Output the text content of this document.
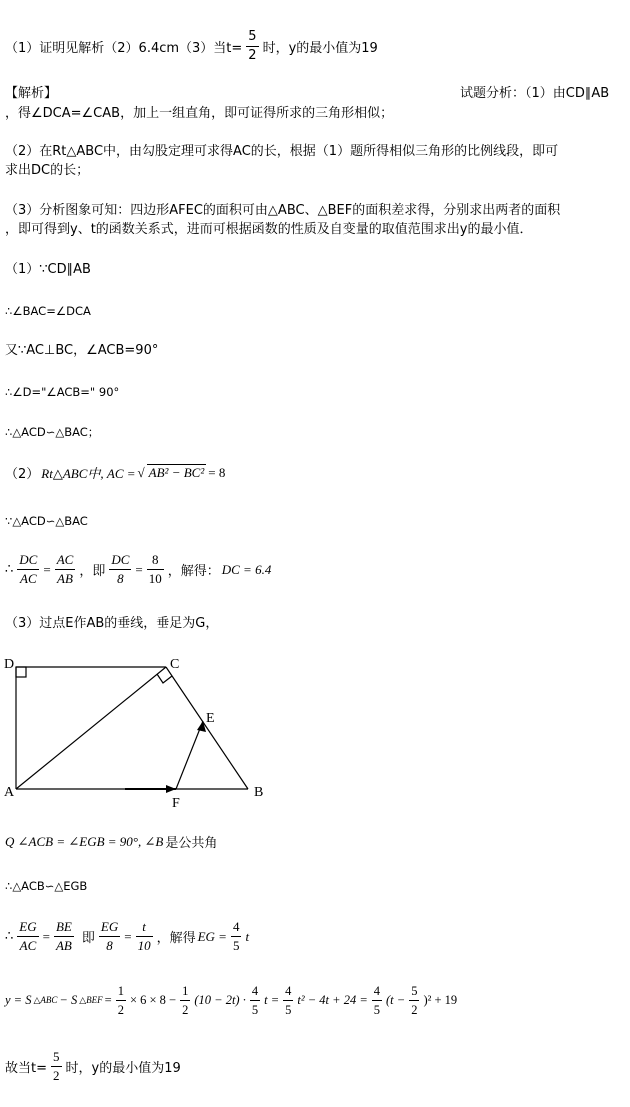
（1）证明见解析（2）6.4cm（3）当$t= \frac{5}{2}$ 时，y的最小值为19
【解析】	试题分析：（1）由CD∥AB
，得∠DCA=∠CAB，加上一组直角，即可证得所求的三角形相似；
（2）在Rt△ABC中，由勾股定理可求得AC的长，根据（1）题所得相似三角形的比例线段，即可
求出DC的长；
（3）分析图象可知：四边形AFEC的面积可由△ABC、△BEF的面积差求得，分别求出两者的面积
，即可得到y、t的函数关系式，进而可根据函数的性质及自变量的取值范围求出y的最小值．
（1）∵CD∥AB
∴∠BAC=∠DCA
又∵AC⊥BC，∠ACB=90°
∴∠D="∠ACB=" 90°
∴△ACD∽△BAC；
（2） Rt△ABC中, AC = √ AB² − BC² = 8
∵△ACD∽△BAC
∴ $\frac{DC}{AC} = \frac{AC}{AB}$ ，即 $\frac{DC}{8} = \frac{8}{10}$ ，解得： DC = 6.4
（3）过点E作AB的垂线，垂足为G，
D	C
E
A
F
B
Q ∠ACB = ∠EGB = 90°, ∠B 是公共角
∴△ACB∽△EGB
∴ $\frac{EG}{AC} = \frac{BE}{AB}$ 即 $\frac{EG}{8} = \frac{t}{10}$ ，解得 EG = $\frac{4}{5}$ t
y = S △ABC − S △BEF = $\frac{1}{2} \times 6 \times 8 - \frac{1}{2} (10 - 2t) \cdot \frac{4}{5}$ $t = \frac{4}{5} t^2 - 4t + 24 = \frac{4}{5} (t - \frac{5}{2} )^2 + 19$
故当$t= \frac{5}{2}$ 时，y的最小值为19
